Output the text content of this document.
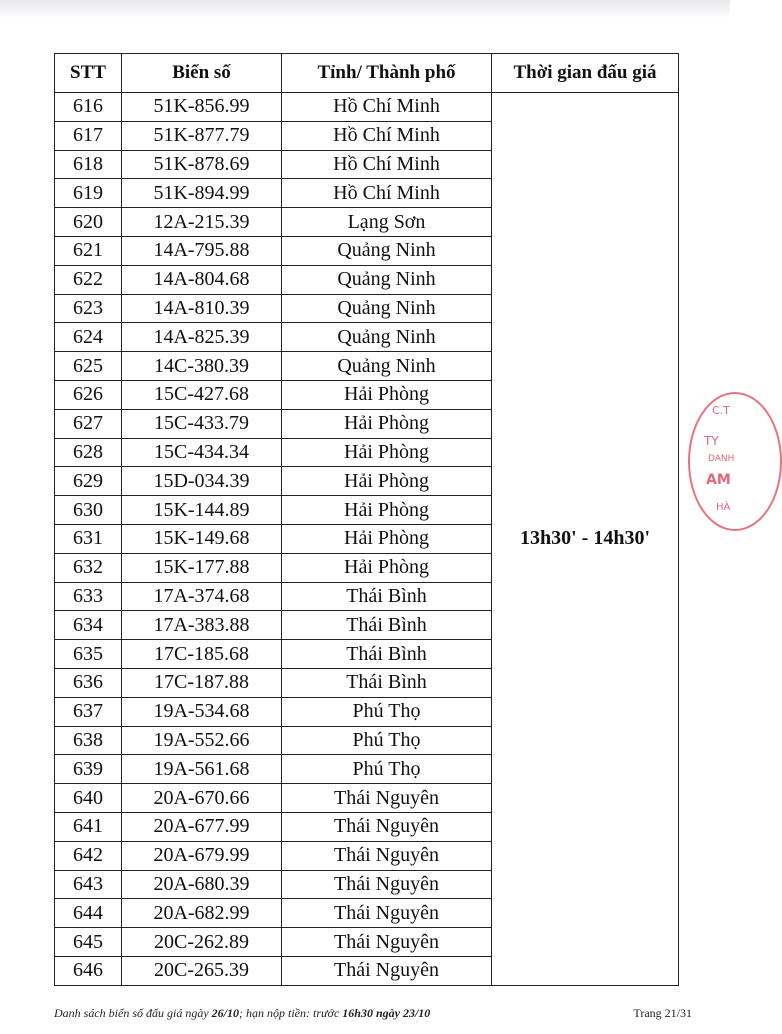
STT	Biển số	Tỉnh/ Thành phố	Thời gian đấu giá
616	51K-856.99	Hồ Chí Minh	13h30' - 14h30'
617	51K-877.79	Hồ Chí Minh	
618	51K-878.69	Hồ Chí Minh	
619	51K-894.99	Hồ Chí Minh	
620	12A-215.39	Lạng Sơn	
621	14A-795.88	Quảng Ninh	
622	14A-804.68	Quảng Ninh	
623	14A-810.39	Quảng Ninh	
624	14A-825.39	Quảng Ninh	
625	14C-380.39	Quảng Ninh	
626	15C-427.68	Hải Phòng	
627	15C-433.79	Hải Phòng	
628	15C-434.34	Hải Phòng	
629	15D-034.39	Hải Phòng	
630	15K-144.89	Hải Phòng	
631	15K-149.68	Hải Phòng	
632	15K-177.88	Hải Phòng	
633	17A-374.68	Thái Bình	
634	17A-383.88	Thái Bình	
635	17C-185.68	Thái Bình	
636	17C-187.88	Thái Bình	
637	19A-534.68	Phú Thọ	
638	19A-552.66	Phú Thọ	
639	19A-561.68	Phú Thọ	
640	20A-670.66	Thái Nguyên	
641	20A-677.99	Thái Nguyên	
642	20A-679.99	Thái Nguyên	
643	20A-680.39	Thái Nguyên	
644	20A-682.99	Thái Nguyên	
645	20C-262.89	Thái Nguyên	
646	20C-265.39	Thái Nguyên	
C.T
TY
DANH
AM
HÀ
Danh sách biển số đấu giá ngày 26/10; hạn nộp tiền: trước 16h30 ngày 23/10	Trang 21/31
